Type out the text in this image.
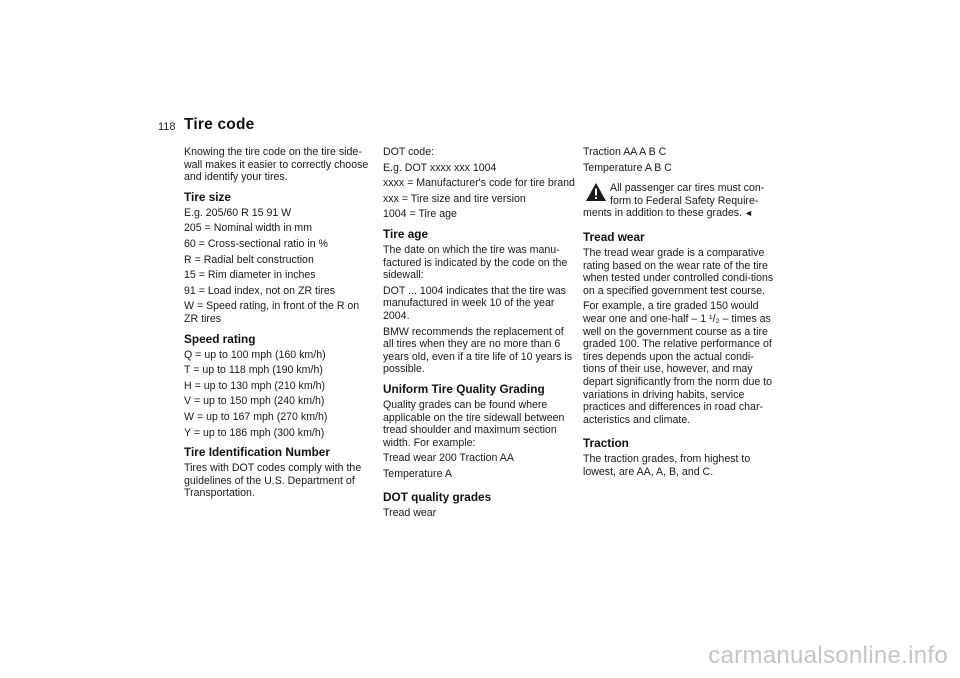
118 Tire code

Knowing the tire code on the tire side-wall makes it easier to correctly choose and identify your tires.

Tire size

E.g. 205/60 R 15 91 W

205 = Nominal width in mm

60 = Cross-sectional ratio in %

R = Radial belt construction

15 = Rim diameter in inches

91 = Load index, not on ZR tires

W = Speed rating, in front of the R on ZR tires

Speed rating

Q = up to 100 mph (160 km/h)

T = up to 118 mph (190 km/h)

H = up to 130 mph (210 km/h)

V = up to 150 mph (240 km/h)

W = up to 167 mph (270 km/h)

Y = up to 186 mph (300 km/h)

Tire Identification Number

Tires with DOT codes comply with the guidelines of the U.S. Department of Transportation.

DOT code:

E.g. DOT xxxx xxx 1004

xxxx = Manufacturer's code for tire brand

xxx = Tire size and tire version

1004 = Tire age

Tire age

The date on which the tire was manu-factured is indicated by the code on the sidewall:

DOT ... 1004 indicates that the tire was manufactured in week 10 of the year 2004.

BMW recommends the replacement of all tires when they are no more than 6 years old, even if a tire life of 10 years is possible.

Uniform Tire Quality Grading

Quality grades can be found where applicable on the tire sidewall between tread shoulder and maximum section width. For example:

Tread wear 200 Traction AA

Temperature A

DOT quality grades

Tread wear

Traction AA A B C

Temperature A B C

All passenger car tires must con-
form to Federal Safety Require-
ments in addition to these grades. ◄
Tread wear

The tread wear grade is a comparative rating based on the wear rate of the tire when tested under controlled condi-tions on a specified government test course.

For example, a tire graded 150 would wear one and one-half – 1 ¹/₂ – times as well on the government course as a tire graded 100. The relative performance of tires depends upon the actual condi-tions of their use, however, and may depart significantly from the norm due to variations in driving habits, service practices and differences in road char-acteristics and climate.

Traction

The traction grades, from highest to lowest, are AA, A, B, and C.

carmanualsonline.info
